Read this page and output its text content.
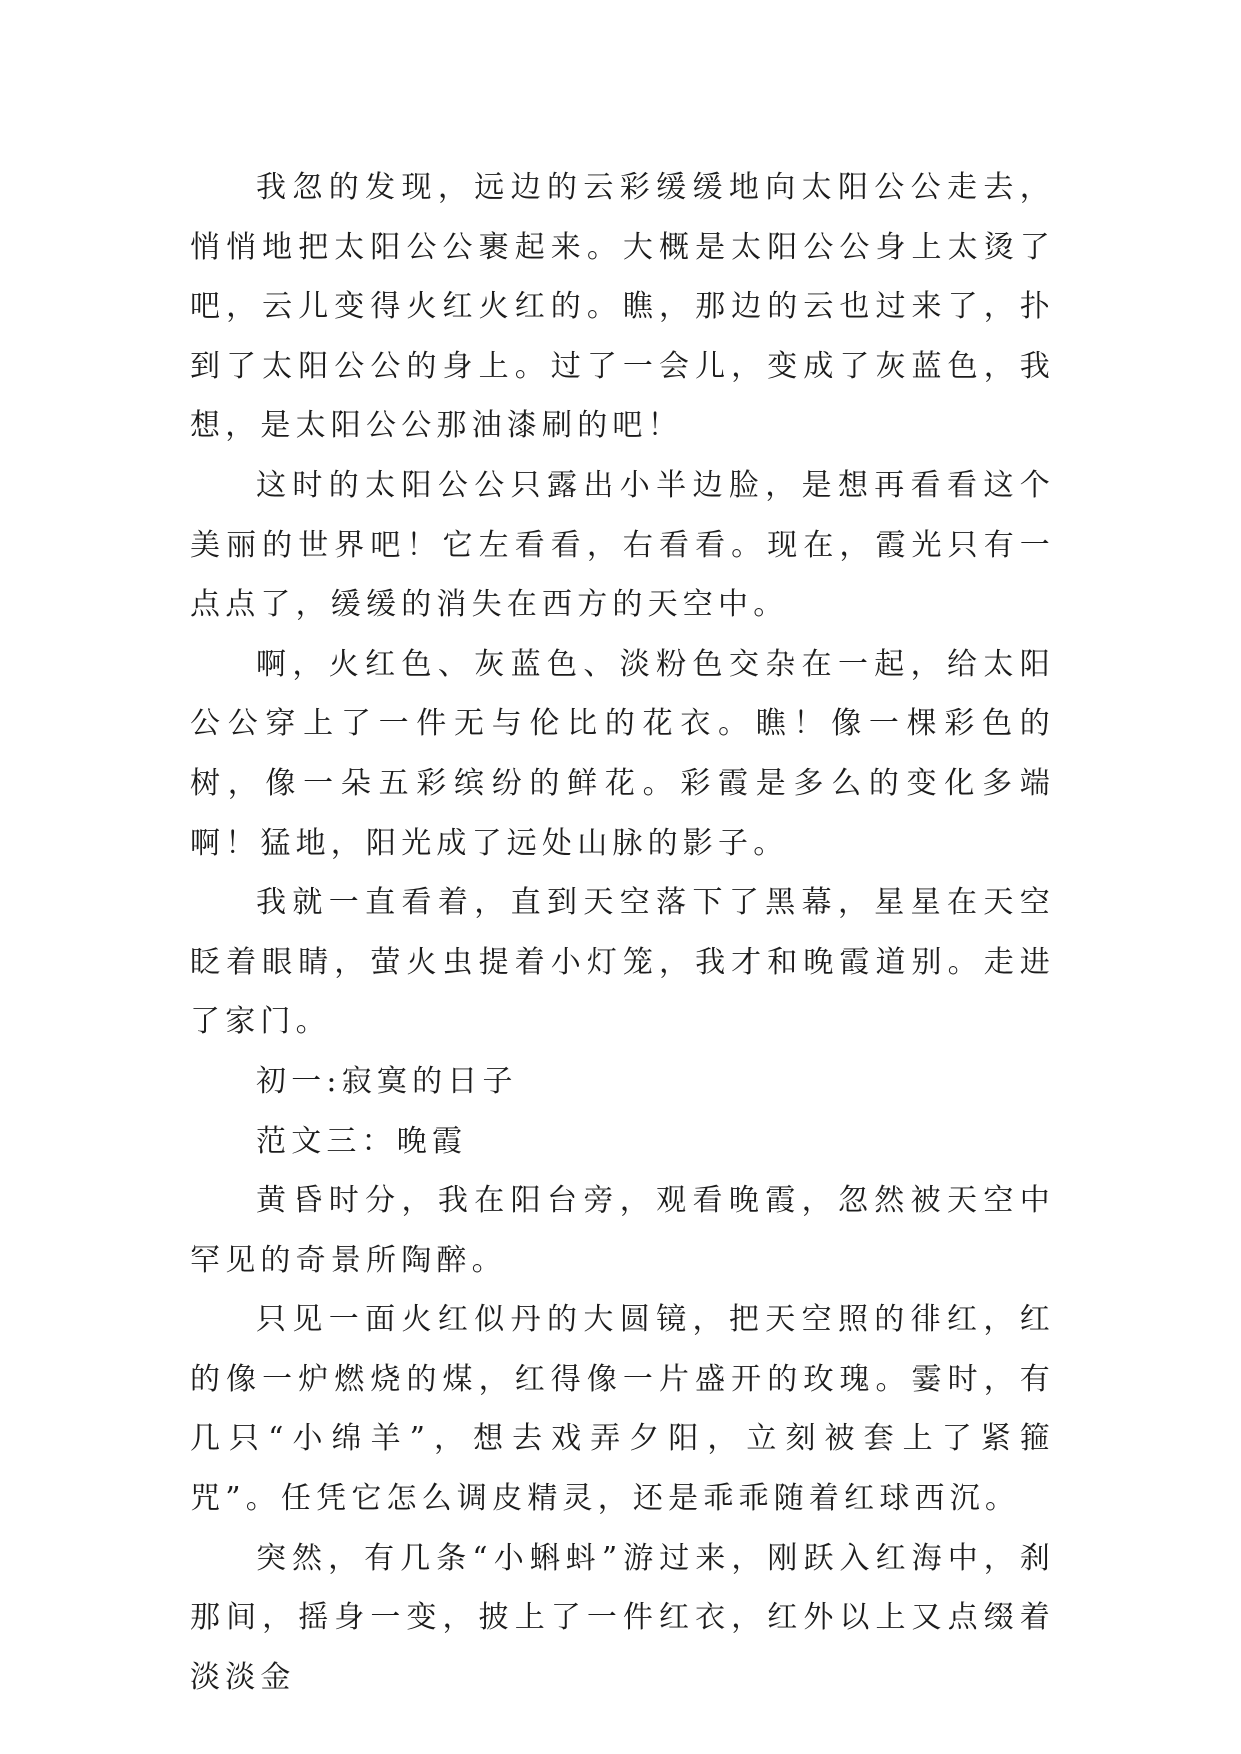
我忽的发现，远边的云彩缓缓地向太阳公公走去，悄悄地把太阳公公裹起来。大概是太阳公公身上太烫了吧，云儿变得火红火红的。瞧，那边的云也过来了，扑到了太阳公公的身上。过了一会儿，变成了灰蓝色，我想，是太阳公公那油漆刷的吧！

这时的太阳公公只露出小半边脸，是想再看看这个美丽的世界吧！它左看看，右看看。现在，霞光只有一点点了，缓缓的消失在西方的天空中。

啊，火红色、灰蓝色、淡粉色交杂在一起，给太阳公公穿上了一件无与伦比的花衣。瞧！像一棵彩色的树，像一朵五彩缤纷的鲜花。彩霞是多么的变化多端啊！猛地，阳光成了远处山脉的影子。

我就一直看着，直到天空落下了黑幕，星星在天空眨着眼睛，萤火虫提着小灯笼，我才和晚霞道别。走进了家门。

初一:寂寞的日子

范文三：晚霞

黄昏时分，我在阳台旁，观看晚霞，忽然被天空中罕见的奇景所陶醉。

只见一面火红似丹的大圆镜，把天空照的徘红，红的像一炉燃烧的煤，红得像一片盛开的玫瑰。霎时，有几只“小绵羊”，想去戏弄夕阳，立刻被套上了紧箍咒”。任凭它怎么调皮精灵，还是乖乖随着红球西沉。

突然，有几条“小蝌蚪”游过来，刚跃入红海中，刹那间，摇身一变，披上了一件红衣，红外以上又点缀着淡淡金
